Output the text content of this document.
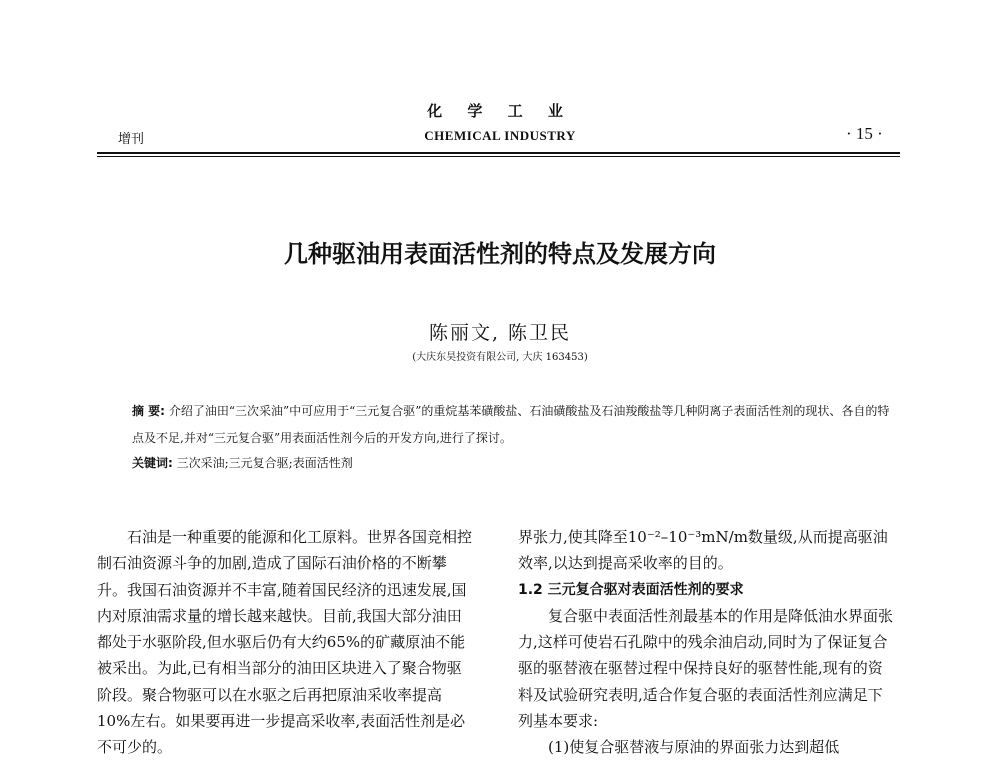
化 学 工 业
增刊	CHEMICAL INDUSTRY	· 15 ·
几种驱油用表面活性剂的特点及发展方向
陈丽文, 陈卫民
(大庆东昊投资有限公司, 大庆 163453)
摘 要: 介绍了油田“三次采油”中可应用于“三元复合驱”的重烷基苯磺酸盐、石油磺酸盐及石油羧酸盐等几种阴离子表面活性剂的现状、各自的特点及不足,并对“三元复合驱”用表面活性剂今后的开发方向,进行了探讨。
关键词: 三次采油;三元复合驱;表面活性剂

石油是一种重要的能源和化工原料。世界各国竞相控制石油资源斗争的加剧,造成了国际石油价格的不断攀升。我国石油资源并不丰富,随着国民经济的迅速发展,国内对原油需求量的增长越来越快。目前,我国大部分油田都处于水驱阶段,但水驱后仍有大约65%的矿藏原油不能被采出。为此,已有相当部分的油田区块进入了聚合物驱阶段。聚合物驱可以在水驱之后再把原油采收率提高10%左右。如果要再进一步提高采收率,表面活性剂是必不可少的。

界张力,使其降至10⁻²–10⁻³mN/m数量级,从而提高驱油效率,以达到提高采收率的目的。

1.2 三元复合驱对表面活性剂的要求

复合驱中表面活性剂最基本的作用是降低油水界面张力,这样可使岩石孔隙中的残余油启动,同时为了保证复合驱的驱替液在驱替过程中保持良好的驱替性能,现有的资料及试验研究表明,适合作复合驱的表面活性剂应满足下列基本要求:

(1)使复合驱替液与原油的界面张力达到超低
